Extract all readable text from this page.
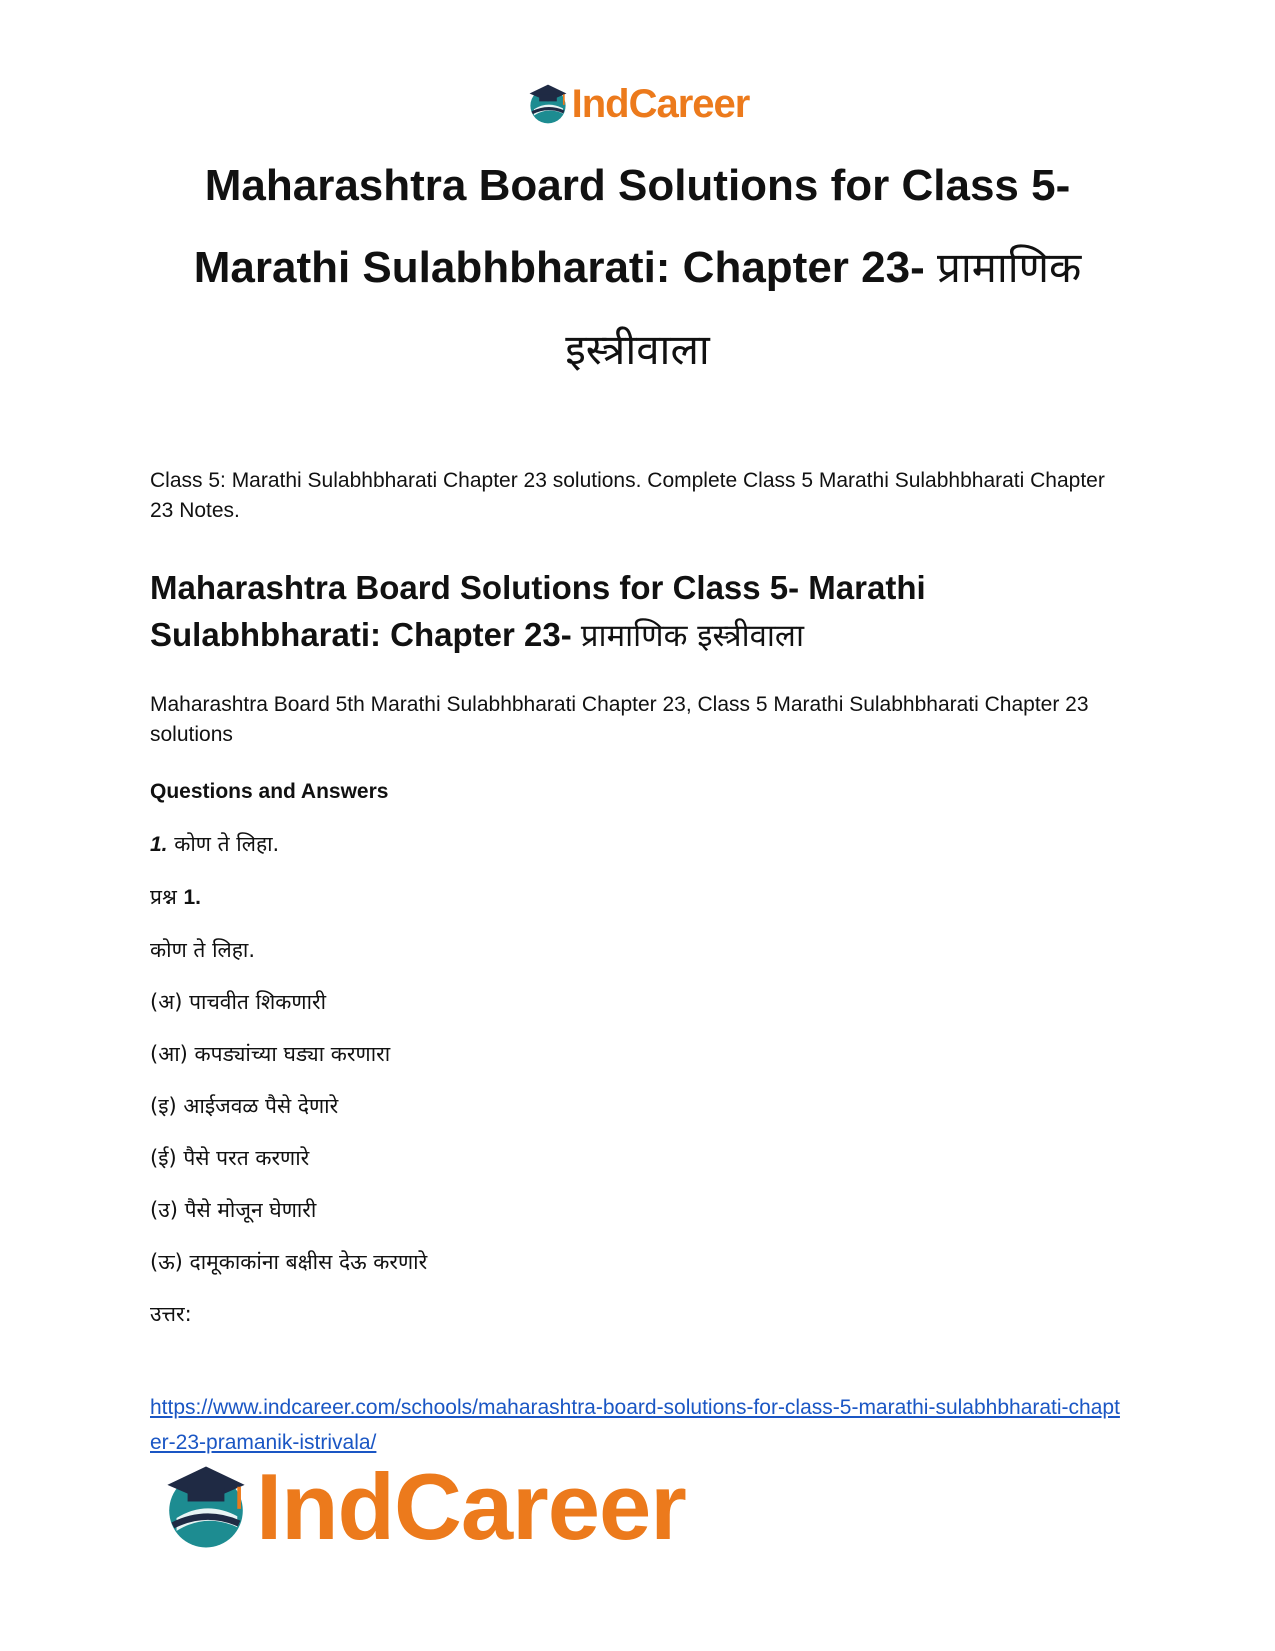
IndCareer
Maharashtra Board Solutions for Class 5-
Marathi Sulabhbharati: Chapter 23- प्रामाणिक
इस्त्रीवाला

Class 5: Marathi Sulabhbharati Chapter 23 solutions. Complete Class 5 Marathi Sulabhbharati Chapter 23 Notes.

Maharashtra Board Solutions for Class 5- Marathi Sulabhbharati: Chapter 23- प्रामाणिक इस्त्रीवाला

Maharashtra Board 5th Marathi Sulabhbharati Chapter 23, Class 5 Marathi Sulabhbharati Chapter 23 solutions

Questions and Answers

1. कोण ते लिहा.

प्रश्न 1.

कोण ते लिहा.

(अ) पाचवीत शिकणारी

(आ) कपड्यांच्या घड्या करणारा

(इ) आईजवळ पैसे देणारे

(ई) पैसे परत करणारे

(उ) पैसे मोजून घेणारी

(ऊ) दामूकाकांना बक्षीस देऊ करणारे

उत्तर:

https://www.indcareer.com/schools/maharashtra-board-solutions-for-class-5-marathi-sulabhbharati-chapter-23-pramanik-istrivala/

IndCareer
